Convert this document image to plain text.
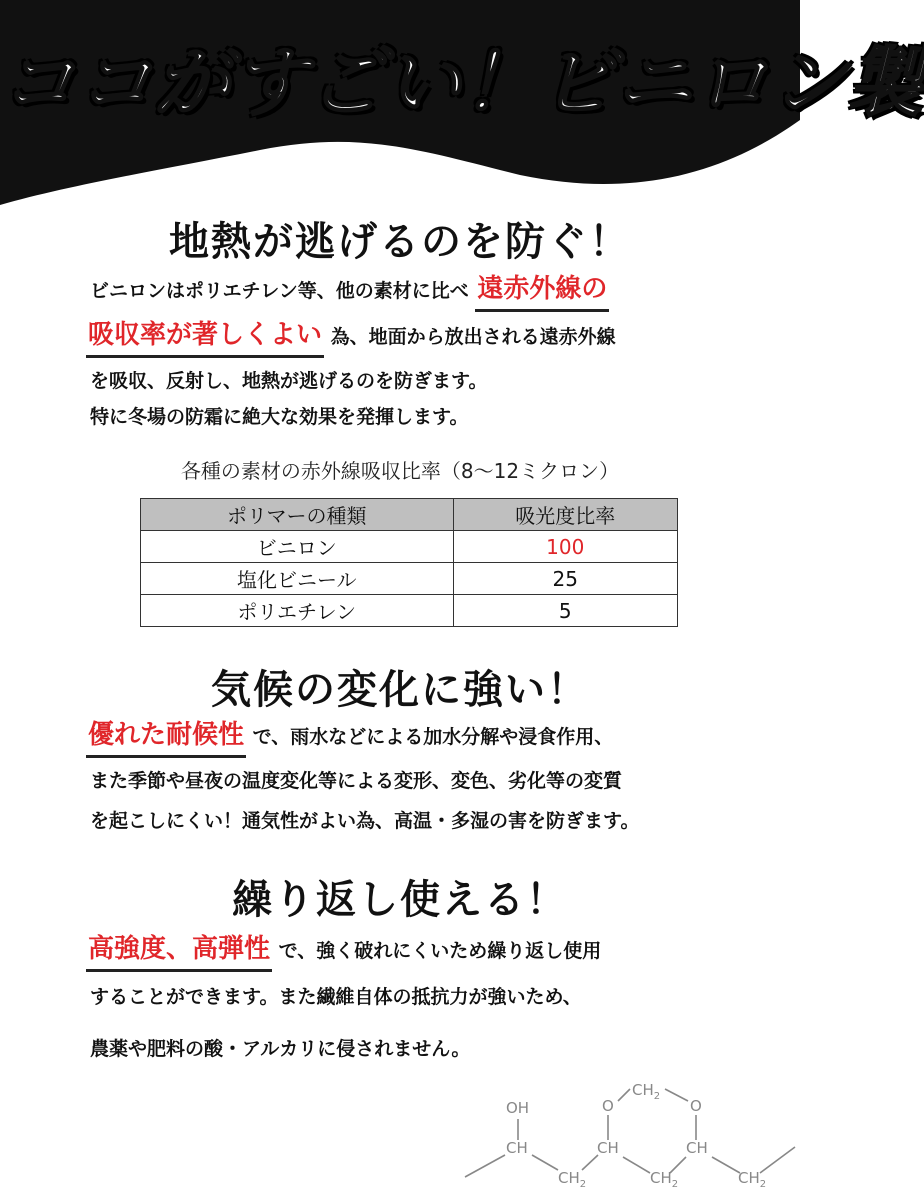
ココがすごい！ビニロン製
地熱が逃げるのを防ぐ！
ビニロンはポリエチレン等、他の素材に比べ 遠赤外線の
吸収率が著しくよい 為、地面から放出される遠赤外線
を吸収、反射し、地熱が逃げるのを防ぎます。
特に冬場の防霜に絶大な効果を発揮します。
各種の素材の赤外線吸収比率（8～12ミクロン）
ポリマーの種類	吸光度比率
ビニロン	100
塩化ビニール	25
ポリエチレン	5
気候の変化に強い！
優れた耐候性 で、雨水などによる加水分解や浸食作用、
また季節や昼夜の温度変化等による変形、変色、劣化等の変質
を起こしにくい！通気性がよい為、高温・多湿の害を防ぎます。
繰り返し使える！
高強度、高弾性 で、強く破れにくいため繰り返し使用
することができます。また繊維自体の抵抗力が強いため、
農薬や肥料の酸・アルカリに侵されません。
OH
CH
$CH_2$
O
CH
$CH_2$
$CH_2$
O
CH
$CH_2$
